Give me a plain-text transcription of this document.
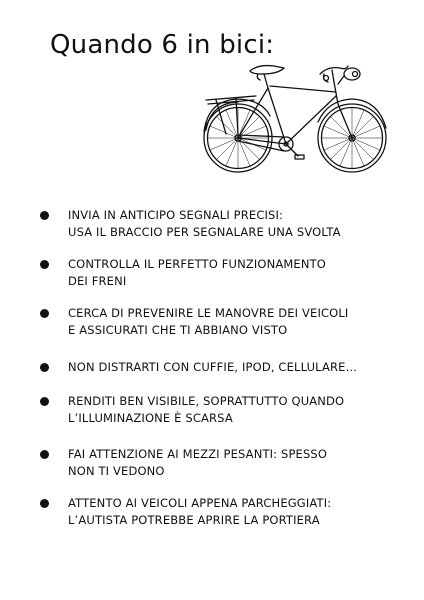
Quando 6 in bici:
INVIA IN ANTICIPO SEGNALI PRECISI:
USA IL BRACCIO PER SEGNALARE UNA SVOLTA
CONTROLLA IL PERFETTO FUNZIONAMENTO
DEI FRENI
CERCA DI PREVENIRE LE MANOVRE DEI VEICOLI
E ASSICURATI CHE TI ABBIANO VISTO
NON DISTRARTI CON CUFFIE, IPOD, CELLULARE…
RENDITI BEN VISIBILE, SOPRATTUTTO QUANDO
L’ILLUMINAZIONE È SCARSA
FAI ATTENZIONE AI MEZZI PESANTI: SPESSO
NON TI VEDONO
ATTENTO AI VEICOLI APPENA PARCHEGGIATI:
L’AUTISTA POTREBBE APRIRE LA PORTIERA
